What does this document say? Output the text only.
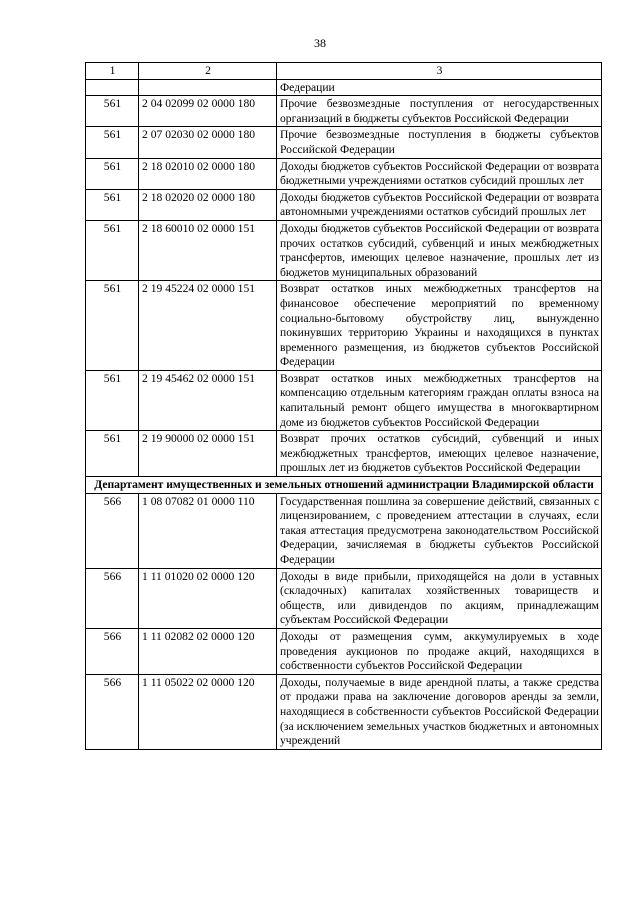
38
1	2	3
		Федерации
561	2 04 02099 02 0000 180	Прочие безвозмездные поступления от негосударственных организаций в бюджеты субъектов Российской Федерации
561	2 07 02030 02 0000 180	Прочие безвозмездные поступления в бюджеты субъектов Российской Федерации
561	2 18 02010 02 0000 180	Доходы бюджетов субъектов Российской Федерации от возврата бюджетными учреждениями остатков субсидий прошлых лет
561	2 18 02020 02 0000 180	Доходы бюджетов субъектов Российской Федерации от возврата автономными учреждениями остатков субсидий прошлых лет
561	2 18 60010 02 0000 151	Доходы бюджетов субъектов Российской Федерации от возврата прочих остатков субсидий, субвенций и иных межбюджетных трансфертов, имеющих целевое назначение, прошлых лет из бюджетов муниципальных образований
561	2 19 45224 02 0000 151	Возврат остатков иных межбюджетных трансфертов на финансовое обеспечение мероприятий по временному социально-бытовому обустройству лиц, вынужденно покинувших территорию Украины и находящихся в пунктах временного размещения, из бюджетов субъектов Российской Федерации
561	2 19 45462 02 0000 151	Возврат остатков иных межбюджетных трансфертов на компенсацию отдельным категориям граждан оплаты взноса на капитальный ремонт общего имущества в многоквартирном доме из бюджетов субъектов Российской Федерации
561	2 19 90000 02 0000 151	Возврат прочих остатков субсидий, субвенций и иных межбюджетных трансфертов, имеющих целевое назначение, прошлых лет из бюджетов субъектов Российской Федерации
Департамент имущественных и земельных отношений администрации Владимирской области		
566	1 08 07082 01 0000 110	Государственная пошлина за совершение действий, связанных с лицензированием, с проведением аттестации в случаях, если такая аттестация предусмотрена законодательством Российской Федерации, зачисляемая в бюджеты субъектов Российской Федерации
566	1 11 01020 02 0000 120	Доходы в виде прибыли, приходящейся на доли в уставных (складочных) капиталах хозяйственных товариществ и обществ, или дивидендов по акциям, принадлежащим субъектам Российской Федерации
566	1 11 02082 02 0000 120	Доходы от размещения сумм, аккумулируемых в ходе проведения аукционов по продаже акций, находящихся в собственности субъектов Российской Федерации
566	1 11 05022 02 0000 120	Доходы, получаемые в виде арендной платы, а также средства от продажи права на заключение договоров аренды за земли, находящиеся в собственности субъектов Российской Федерации (за исключением земельных участков бюджетных и автономных учреждений
